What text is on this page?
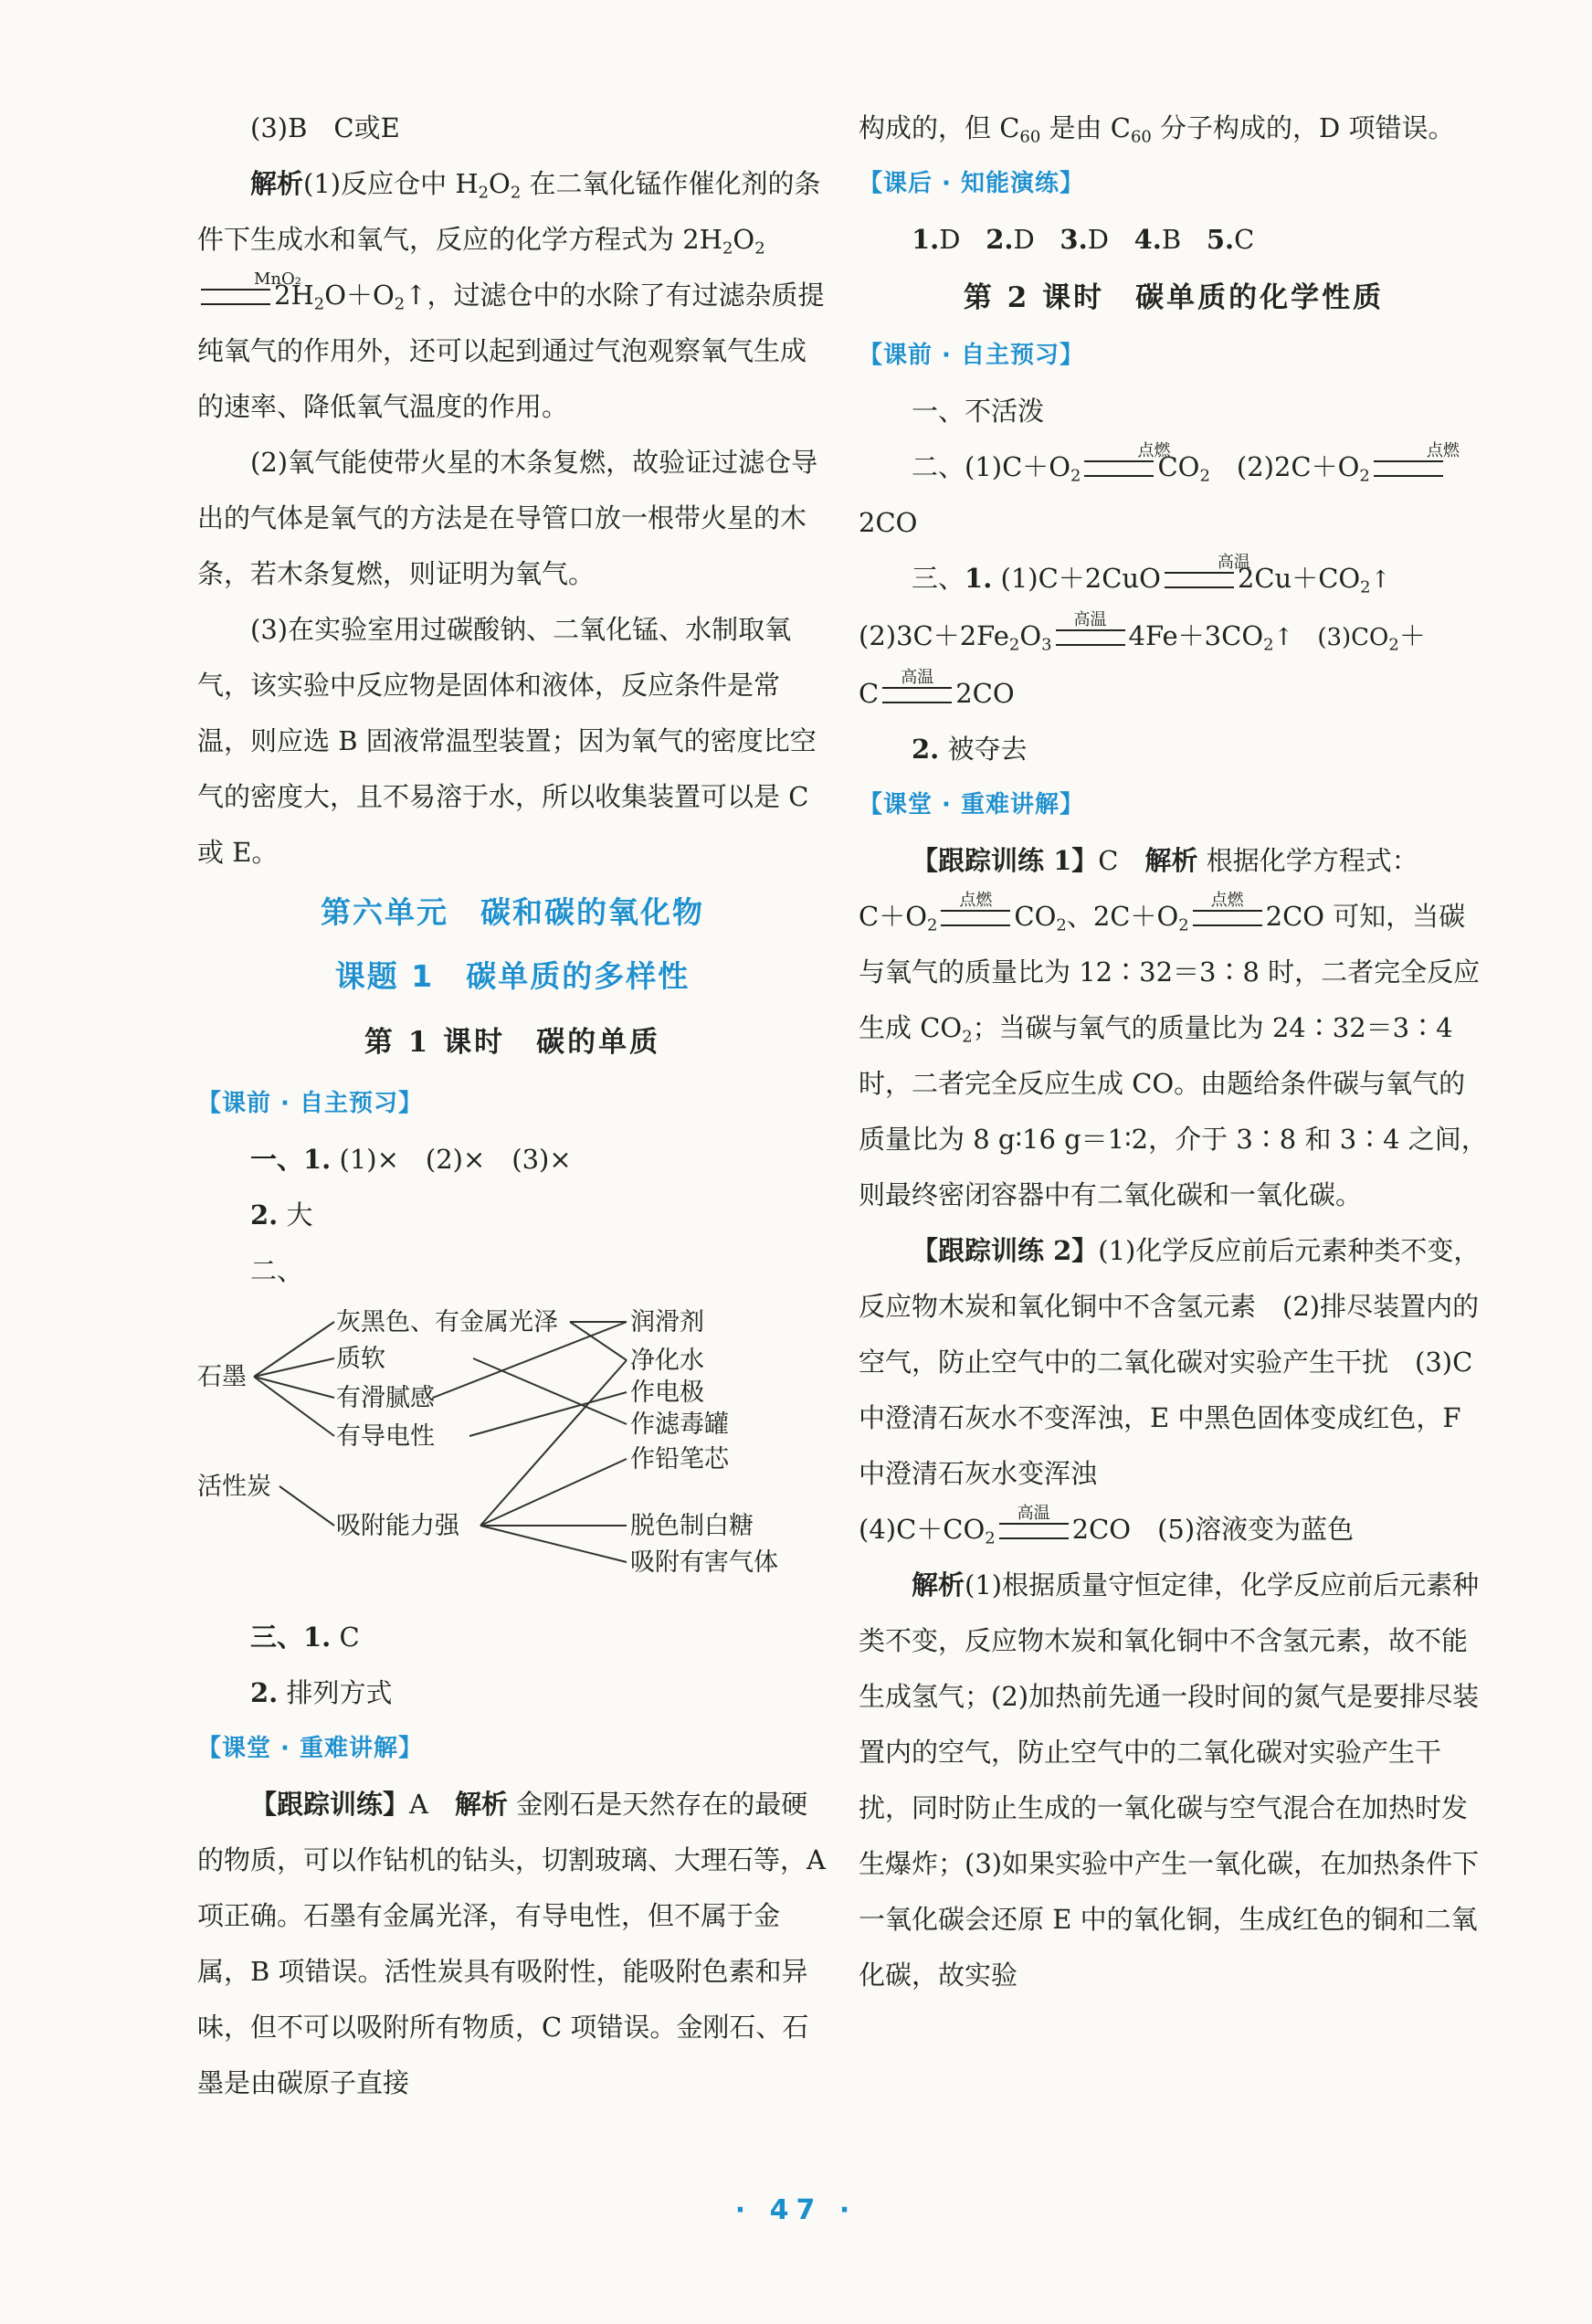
(3)B　C或E

解析(1)反应仓中 $H_2O_2$ 在二氧化锰作催化剂的条件下生成水和氧气，反应的化学方程式为 $2H_2O_2$
MnO₂
$2H_2O+O_2↑$，过滤仓中的水除了有过滤杂质提纯氧气的作用外，还可以起到通过气泡观察氧气生成的速率、降低氧气温度的作用。

(2)氧气能使带火星的木条复燃，故验证过滤仓导出的气体是氧气的方法是在导管口放一根带火星的木条，若木条复燃，则证明为氧气。

(3)在实验室用过碳酸钠、二氧化锰、水制取氧气，该实验中反应物是固体和液体，反应条件是常温，则应选 B 固液常温型装置；因为氧气的密度比空气的密度大，且不易溶于水，所以收集装置可以是 C 或 E。

第六单元　碳和碳的氧化物

课题 1　碳单质的多样性

第 1 课时　碳的单质

【课前 · 自主预习】

一、1. (1)×　(2)×　(3)×

2. 大

二、

石墨
活性炭
灰黑色、有金属光泽
质软
有滑腻感
有导电性
吸附能力强
润滑剂
净化水
作电极
作滤毒罐
作铅笔芯
脱色制白糖
吸附有害气体

三、1. C

2. 排列方式

【课堂 · 重难讲解】

【跟踪训练】A　 解析 金刚石是天然存在的最硬的物质，可以作钻机的钻头，切割玻璃、大理石等，A 项正确。石墨有金属光泽，有导电性，但不属于金属，B 项错误。活性炭具有吸附性，能吸附色素和异味，但不可以吸附所有物质，C 项错误。金刚石、石墨是由碳原子直接

构成的，但 $C_{60}$ 是由 $C_{60}$ 分子构成的，D 项错误。

【课后 · 知能演练】

1.D 2.D 3.D 4.B 5.C

第 2 课时　碳单质的化学性质

【课前 · 自主预习】

一、不活泼

二、$(1)C+O_2$
点燃
$CO_2$　$(2)2C+O_2$
点燃
2CO

三、1. (1)C＋2CuO
高温
$2Cu+CO_2↑$

$(2)3C+2Fe_2O_3$
高温
$4Fe+3CO_2↑$　$(3)CO_2+$

C
高温
2CO

2. 被夺去

【课堂 · 重难讲解】

【跟踪训练 1】C　 解析 根据化学方程式：

$C+O_2$
点燃
$CO_2$、$2C+O_2$
点燃
2CO 可知，当碳与氧气的质量比为 12∶32＝3∶8 时，二者完全反应生成 $CO_2$；当碳与氧气的质量比为 24∶32＝3∶4 时，二者完全反应生成 CO。由题给条件碳与氧气的质量比为 8 g∶16 g＝1∶2，介于 3∶8 和 3∶4 之间，则最终密闭容器中有二氧化碳和一氧化碳。

【跟踪训练 2】(1)化学反应前后元素种类不变，反应物木炭和氧化铜中不含氢元素　(2)排尽装置内的空气，防止空气中的二氧化碳对实验产生干扰　(3)C 中澄清石灰水不变浑浊，E 中黑色固体变成红色，F 中澄清石灰水变浑浊

$(4)C+CO_2$
高温
2CO　(5)溶液变为蓝色

解析(1)根据质量守恒定律，化学反应前后元素种类不变，反应物木炭和氧化铜中不含氢元素，故不能生成氢气；(2)加热前先通一段时间的氮气是要排尽装置内的空气，防止空气中的二氧化碳对实验产生干扰，同时防止生成的一氧化碳与空气混合在加热时发生爆炸；(3)如果实验中产生一氧化碳，在加热条件下一氧化碳会还原 E 中的氧化铜，生成红色的铜和二氧化碳，故实验

· 47 ·
